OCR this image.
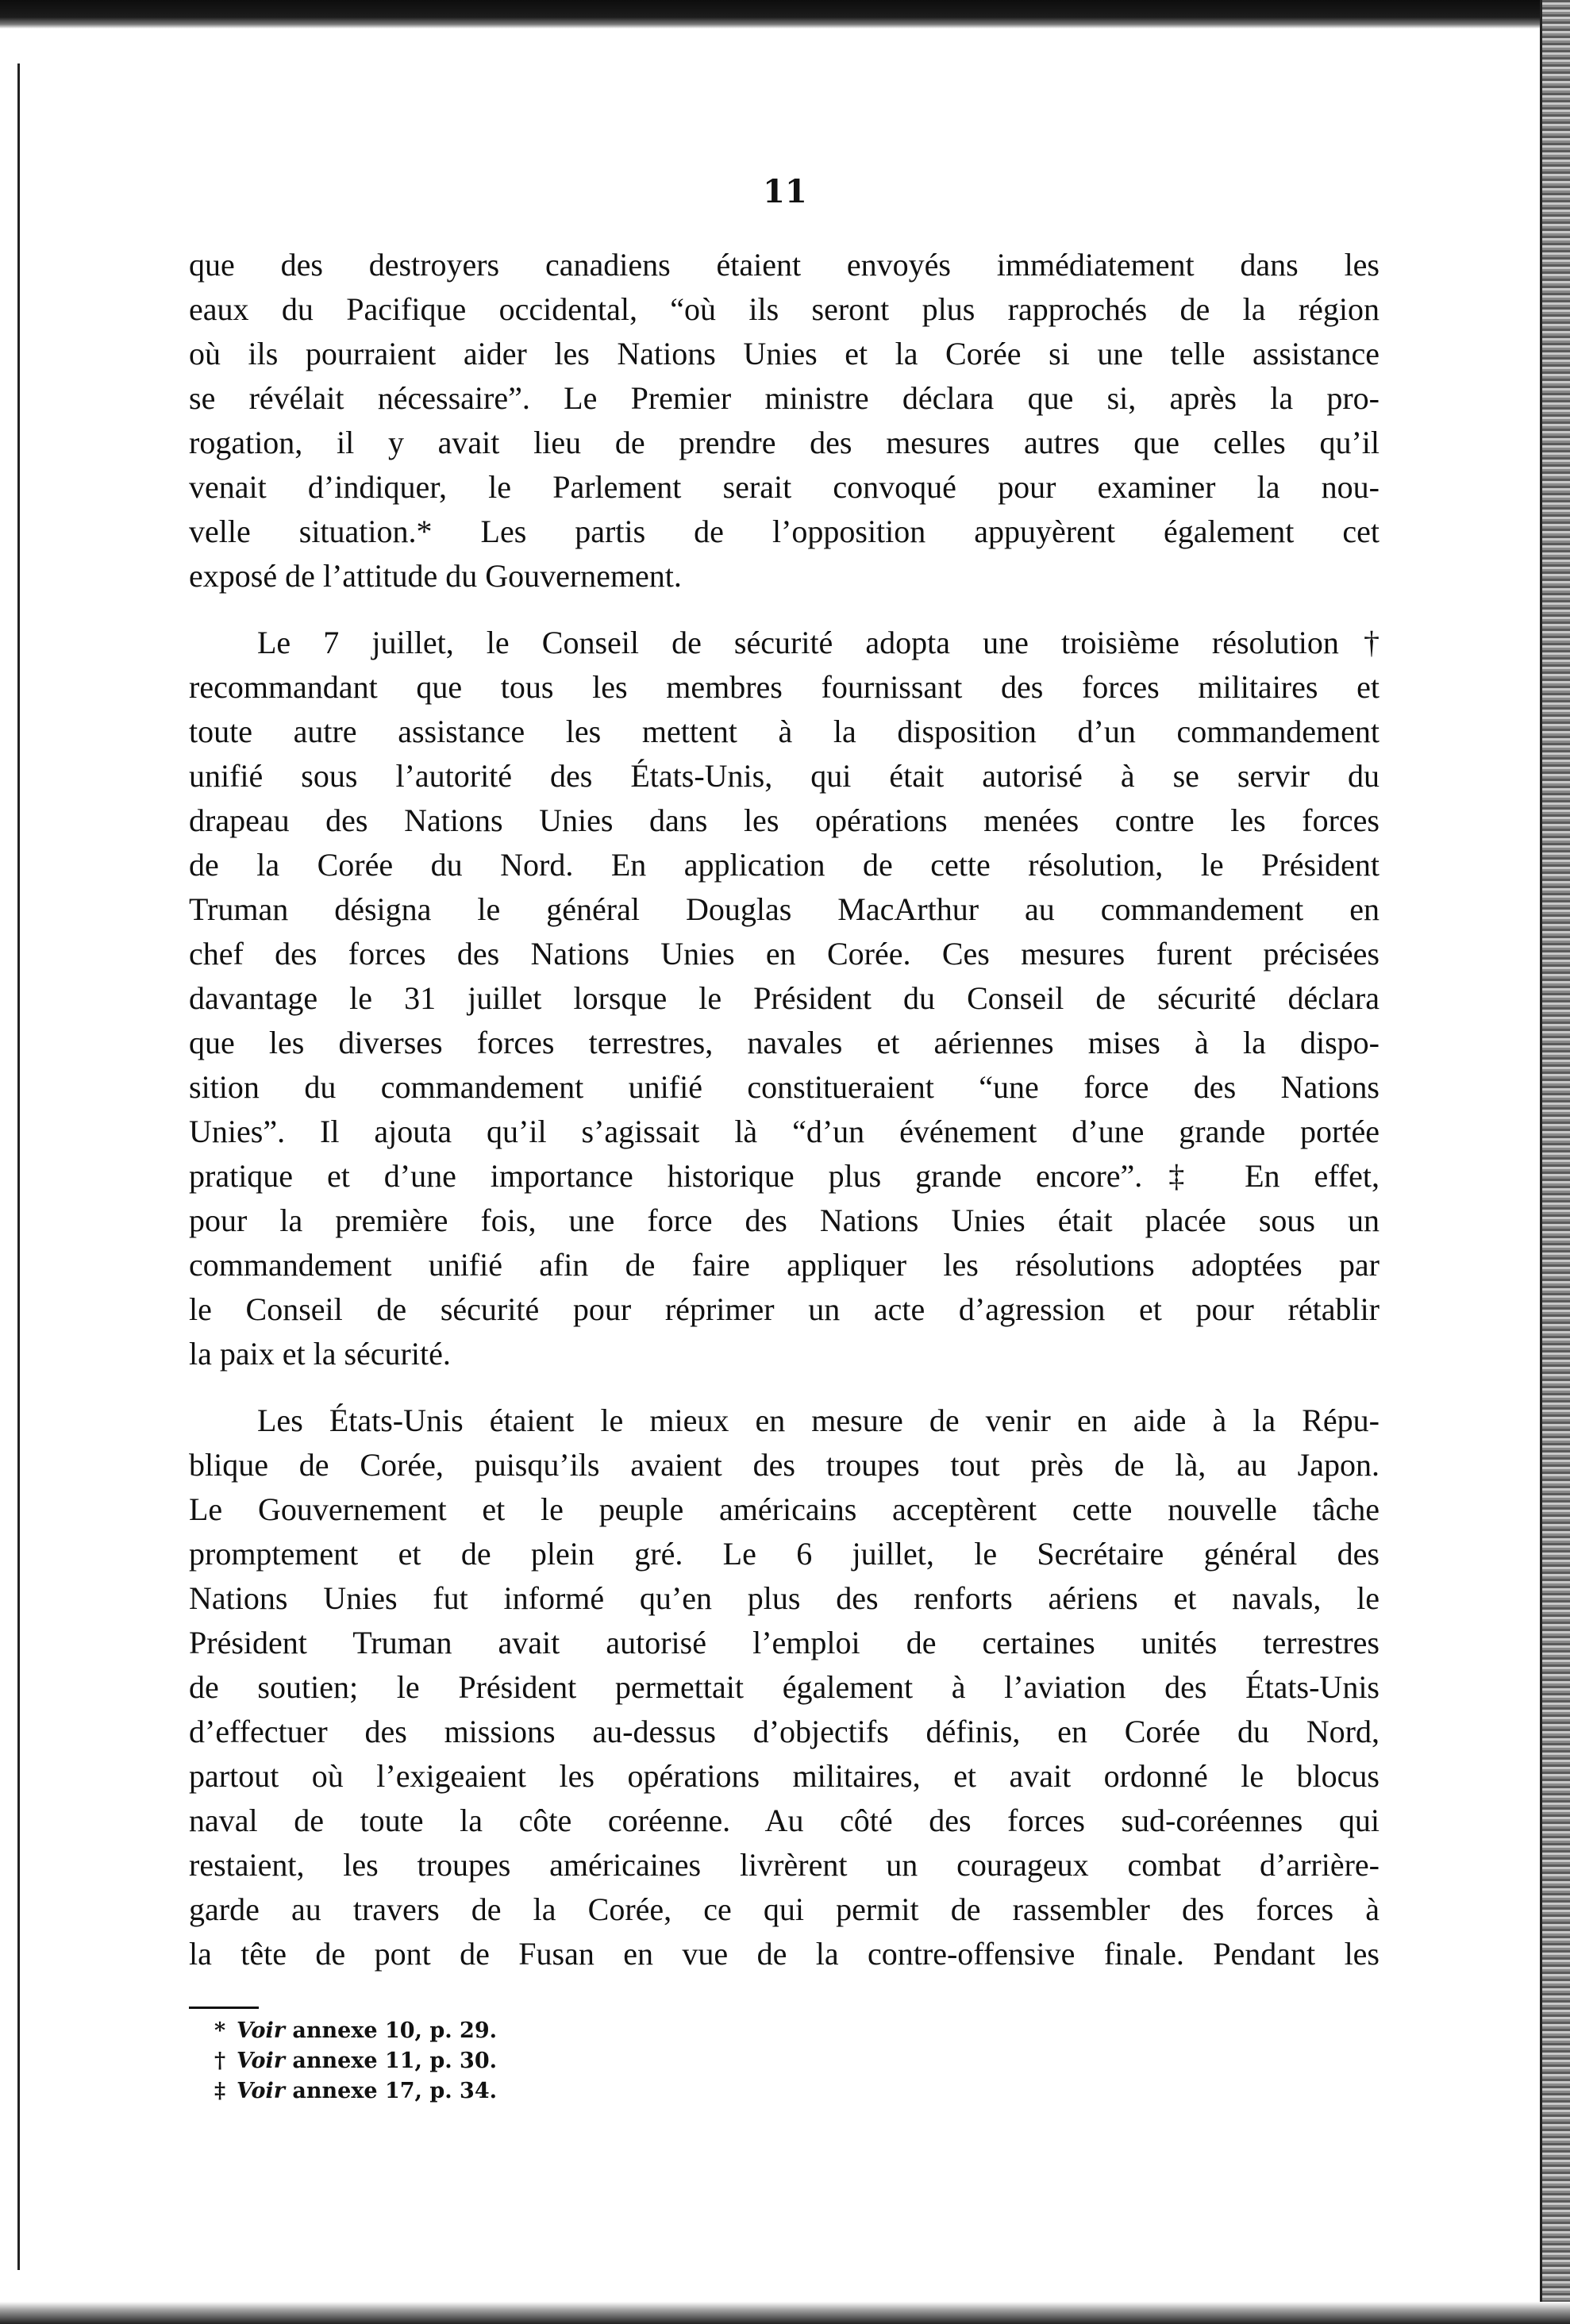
11
que des destroyers canadiens étaient envoyés immédiatement dans les
eaux du Pacifique occidental, “où ils seront plus rapprochés de la région
où ils pourraient aider les Nations Unies et la Corée si une telle assistance
se révélait nécessaire”. Le Premier ministre déclara que si, après la pro-
rogation, il y avait lieu de prendre des mesures autres que celles qu’il
venait d’indiquer, le Parlement serait convoqué pour examiner la nou-
velle situation.* Les partis de l’opposition appuyèrent également cet
exposé de l’attitude du Gouvernement.
Le 7 juillet, le Conseil de sécurité adopta une troisième résolution†
recommandant que tous les membres fournissant des forces militaires et
toute autre assistance les mettent à la disposition d’un commandement
unifié sous l’autorité des États-Unis, qui était autorisé à se servir du
drapeau des Nations Unies dans les opérations menées contre les forces
de la Corée du Nord. En application de cette résolution, le Président
Truman désigna le général Douglas MacArthur au commandement en
chef des forces des Nations Unies en Corée. Ces mesures furent précisées
davantage le 31 juillet lorsque le Président du Conseil de sécurité déclara
que les diverses forces terrestres, navales et aériennes mises à la dispo-
sition du commandement unifié constitueraient “une force des Nations
Unies”. Il ajouta qu’il s’agissait là “d’un événement d’une grande portée
pratique et d’une importance historique plus grande encore”.‡ En effet,
pour la première fois, une force des Nations Unies était placée sous un
commandement unifié afin de faire appliquer les résolutions adoptées par
le Conseil de sécurité pour réprimer un acte d’agression et pour rétablir
la paix et la sécurité.
Les États-Unis étaient le mieux en mesure de venir en aide à la Répu-
blique de Corée, puisqu’ils avaient des troupes tout près de là, au Japon.
Le Gouvernement et le peuple américains acceptèrent cette nouvelle tâche
promptement et de plein gré. Le 6 juillet, le Secrétaire général des
Nations Unies fut informé qu’en plus des renforts aériens et navals, le
Président Truman avait autorisé l’emploi de certaines unités terrestres
de soutien; le Président permettait également à l’aviation des États-Unis
d’effectuer des missions au-dessus d’objectifs définis, en Corée du Nord,
partout où l’exigeaient les opérations militaires, et avait ordonné le blocus
naval de toute la côte coréenne. Au côté des forces sud-coréennes qui
restaient, les troupes américaines livrèrent un courageux combat d’arrière-
garde au travers de la Corée, ce qui permit de rassembler des forces à
la tête de pont de Fusan en vue de la contre-offensive finale. Pendant les
* Voir annexe 10, p. 29.
† Voir annexe 11, p. 30.
‡ Voir annexe 17, p. 34.
